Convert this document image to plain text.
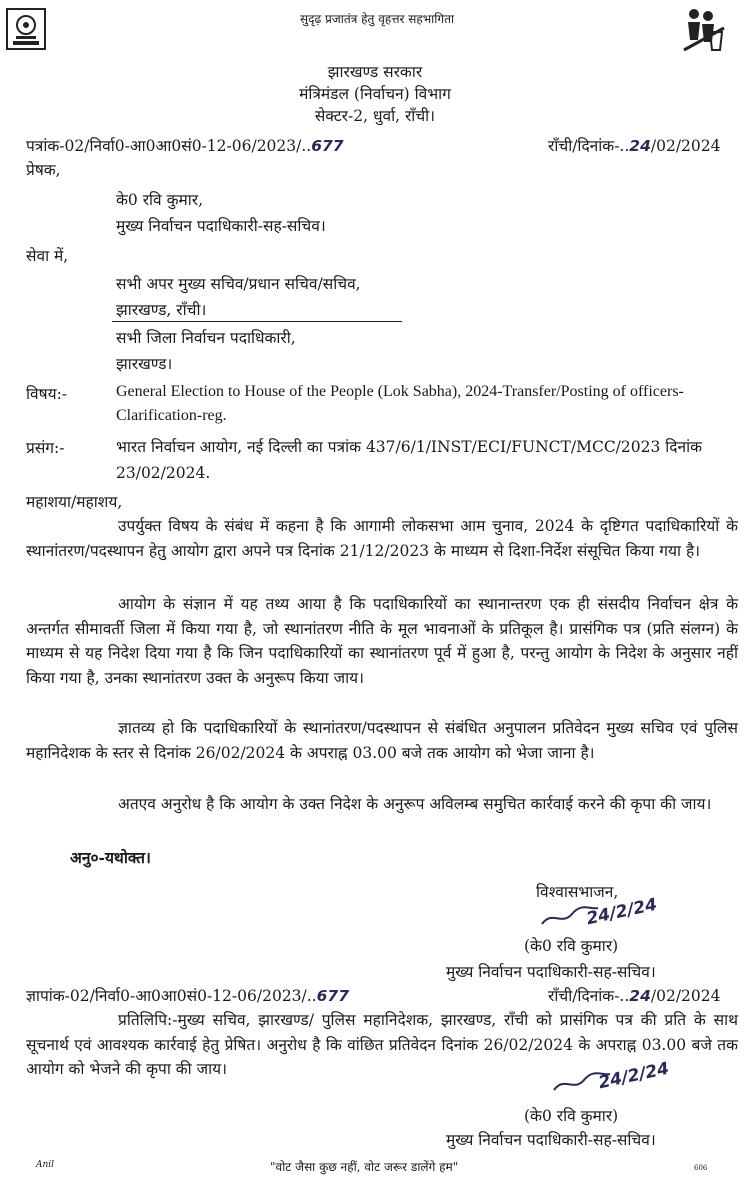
सुदृढ़ प्रजातंत्र हेतु वृहत्तर सहभागिता
झारखण्ड सरकार
मंत्रिमंडल (निर्वाचन) विभाग
सेक्टर-2, धुर्वा, राँची।
पत्रांक-02/निर्वा0-आ0आ0सं0-12-06/2023/..677	राँची/दिनांक-..24/02/2024
प्रेषक,
के0 रवि कुमार,
मुख्य निर्वाचन पदाधिकारी-सह-सचिव।
सेवा में,
सभी अपर मुख्य सचिव/प्रधान सचिव/सचिव,
झारखण्ड, राँची।
सभी जिला निर्वाचन पदाधिकारी,
झारखण्ड।
विषय:-	General Election to House of the People (Lok Sabha), 2024-Transfer/Posting of officers-Clarification-reg.
प्रसंग:-	भारत निर्वाचन आयोग, नई दिल्ली का पत्रांक 437/6/1/INST/ECI/FUNCT/MCC/2023 दिनांक 23/02/2024.
महाशया/महाशय,
उपर्युक्त विषय के संबंध में कहना है कि आगामी लोकसभा आम चुनाव, 2024 के दृष्टिगत पदाधिकारियों के स्थानांतरण/पदस्थापन हेतु आयोग द्वारा अपने पत्र दिनांक 21/12/2023 के माध्यम से दिशा-निर्देश संसूचित किया गया है।
आयोग के संज्ञान में यह तथ्य आया है कि पदाधिकारियों का स्थानान्तरण एक ही संसदीय निर्वाचन क्षेत्र के अन्तर्गत सीमावर्ती जिला में किया गया है, जो स्थानांतरण नीति के मूल भावनाओं के प्रतिकूल है। प्रासंगिक पत्र (प्रति संलग्न) के माध्यम से यह निदेश दिया गया है कि जिन पदाधिकारियों का स्थानांतरण पूर्व में हुआ है, परन्तु आयोग के निदेश के अनुसार नहीं किया गया है, उनका स्थानांतरण उक्त के अनुरूप किया जाय।
ज्ञातव्य हो कि पदाधिकारियों के स्थानांतरण/पदस्थापन से संबंधित अनुपालन प्रतिवेदन मुख्य सचिव एवं पुलिस महानिदेशक के स्तर से दिनांक 26/02/2024 के अपराह्न 03.00 बजे तक आयोग को भेजा जाना है।
अतएव अनुरोध है कि आयोग के उक्त निदेश के अनुरूप अविलम्ब समुचित कार्रवाई करने की कृपा की जाय।
अनु०-यथोक्त।
विश्वासभाजन,
24/2/24
(के0 रवि कुमार)
मुख्य निर्वाचन पदाधिकारी-सह-सचिव।
ज्ञापांक-02/निर्वा0-आ0आ0सं0-12-06/2023/..677	राँची/दिनांक-..24/02/2024
प्रतिलिपि:-मुख्य सचिव, झारखण्ड/ पुलिस महानिदेशक, झारखण्ड, राँची को प्रासंगिक पत्र की प्रति के साथ सूचनार्थ एवं आवश्यक कार्रवाई हेतु प्रेषित। अनुरोध है कि वांछित प्रतिवेदन दिनांक 26/02/2024 के अपराह्न 03.00 बजे तक आयोग को भेजने की कृपा की जाय।	24/2/24
(के0 रवि कुमार)
मुख्य निर्वाचन पदाधिकारी-सह-सचिव।
Anil	"वोट जैसा कुछ नहीं, वोट जरूर डालेंगे हम"	606
